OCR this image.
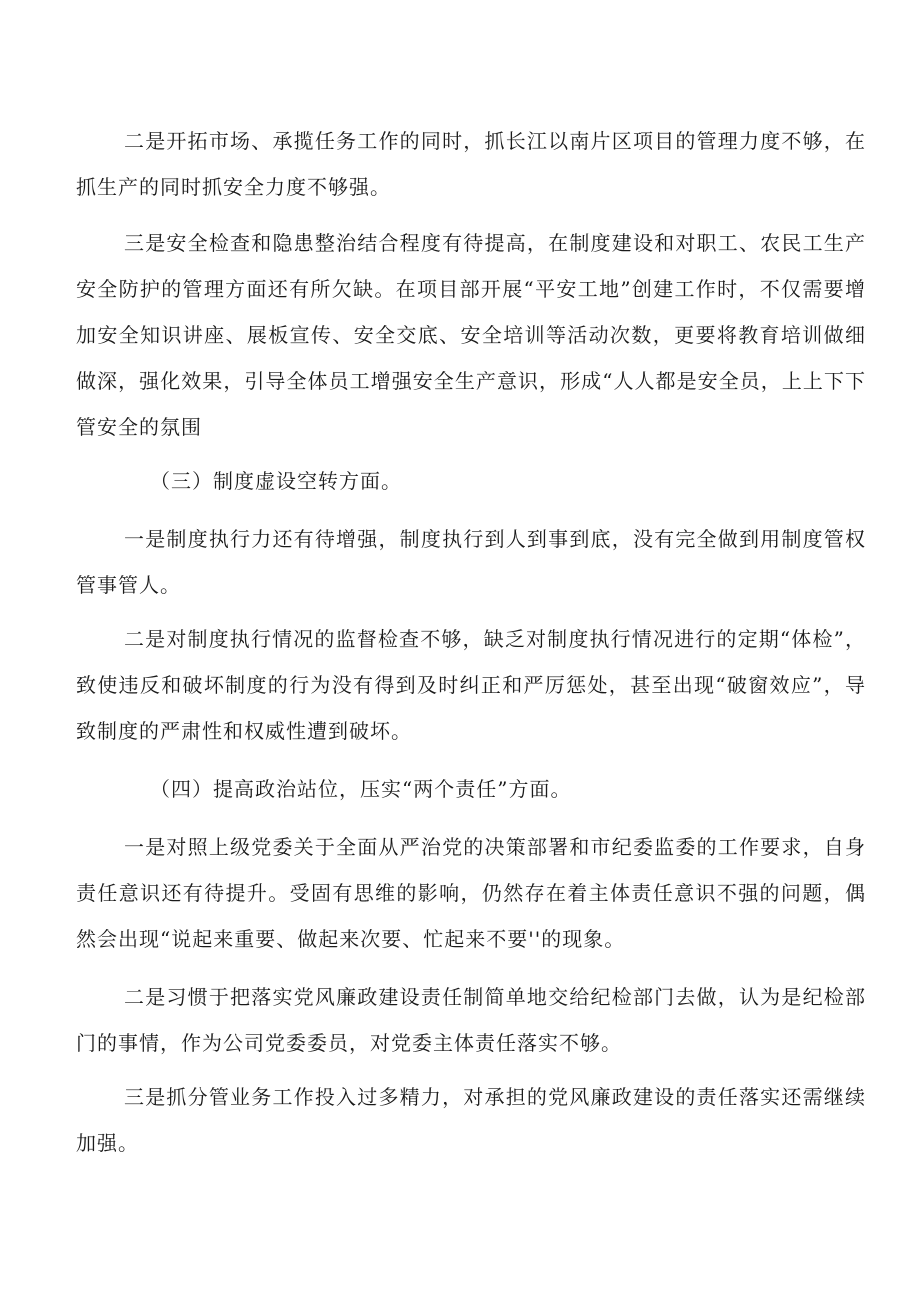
二是开拓市场、承揽任务工作的同时，抓长江以南片区项目的管理力度不够，在抓生产的同时抓安全力度不够强。

三是安全检查和隐患整治结合程度有待提高，在制度建设和对职工、农民工生产安全防护的管理方面还有所欠缺。在项目部开展“平安工地”创建工作时，不仅需要增加安全知识讲座、展板宣传、安全交底、安全培训等活动次数，更要将教育培训做细做深，强化效果，引导全体员工增强安全生产意识，形成“人人都是安全员，上上下下管安全的氛围

（三）制度虚设空转方面。

一是制度执行力还有待增强，制度执行到人到事到底，没有完全做到用制度管权管事管人。

二是对制度执行情况的监督检查不够，缺乏对制度执行情况进行的定期“体检”，致使违反和破坏制度的行为没有得到及时纠正和严厉惩处，甚至出现“破窗效应”，导致制度的严肃性和权威性遭到破坏。

（四）提高政治站位，压实“两个责任”方面。

一是对照上级党委关于全面从严治党的决策部署和市纪委监委的工作要求，自身责任意识还有待提升。受固有思维的影响，仍然存在着主体责任意识不强的问题，偶然会出现“说起来重要、做起来次要、忙起来不要''的现象。

二是习惯于把落实党风廉政建设责任制简单地交给纪检部门去做，认为是纪检部门的事情，作为公司党委委员，对党委主体责任落实不够。

三是抓分管业务工作投入过多精力，对承担的党风廉政建设的责任落实还需继续加强。
